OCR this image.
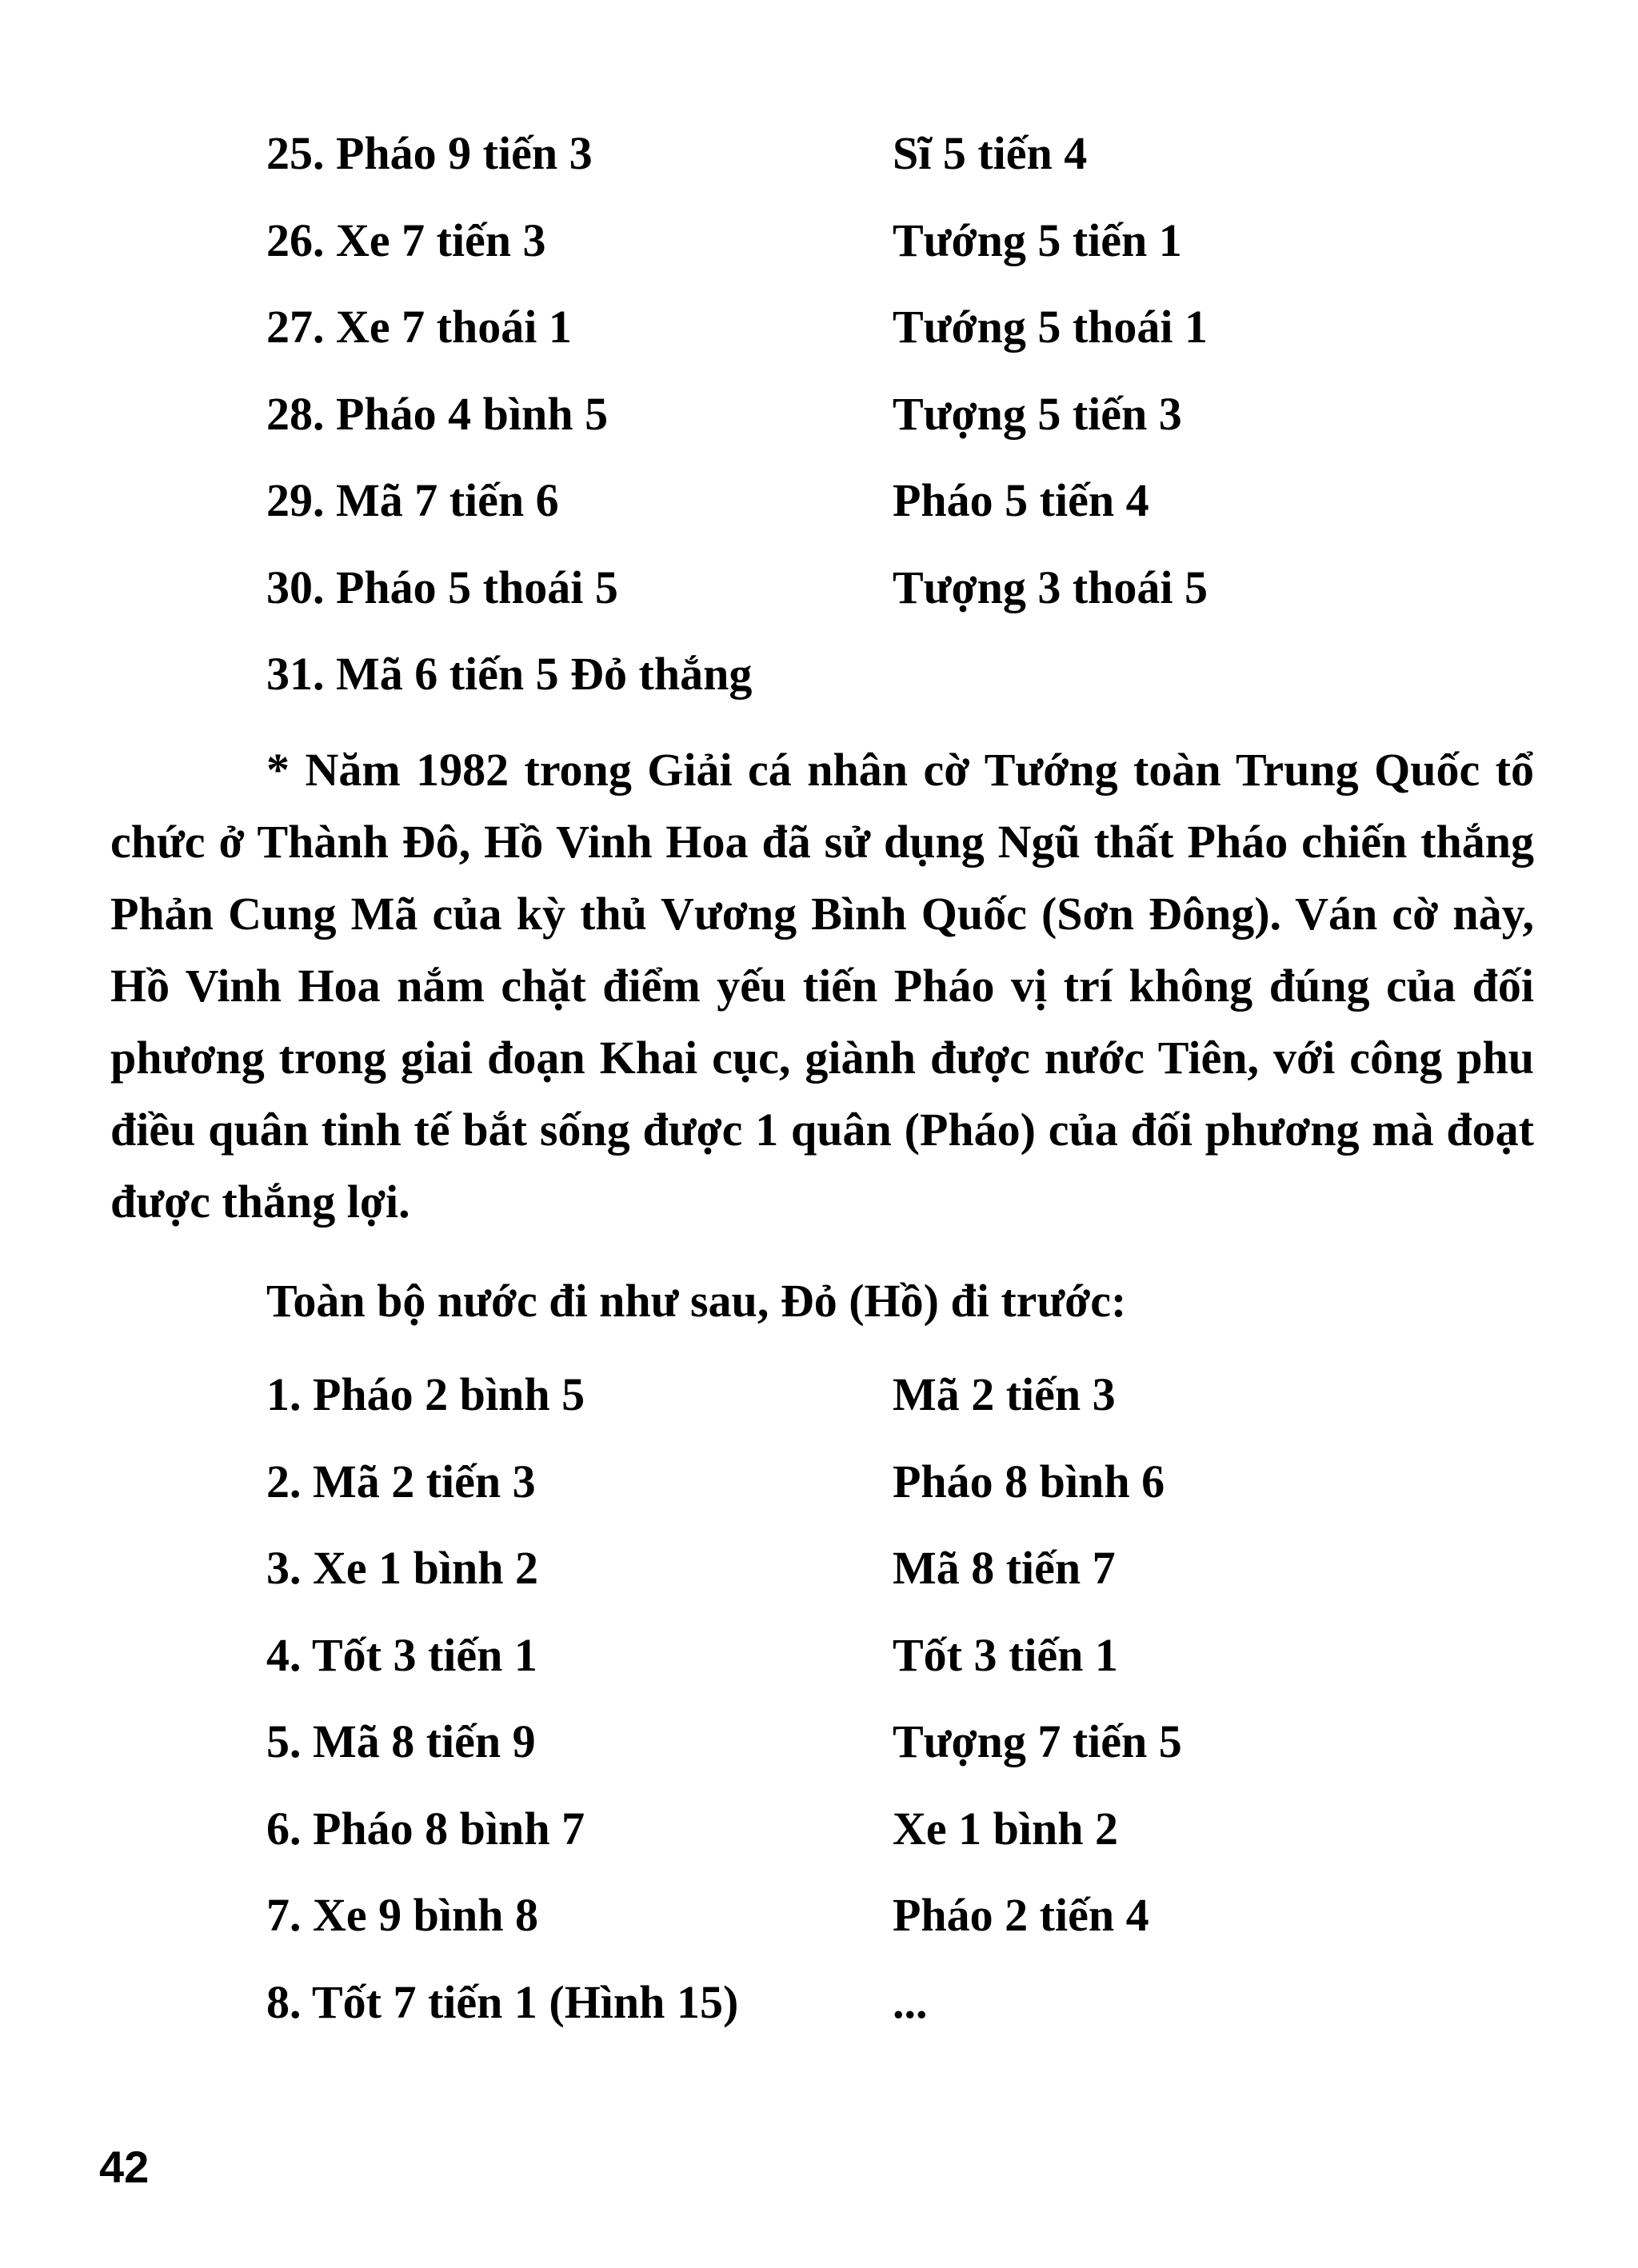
25. Pháo 9 tiến 3	Sĩ 5 tiến 4
26. Xe 7 tiến 3	Tướng 5 tiến 1
27. Xe 7 thoái 1	Tướng 5 thoái 1
28. Pháo 4 bình 5	Tượng 5 tiến 3
29. Mã 7 tiến 6	Pháo 5 tiến 4
30. Pháo 5 thoái 5	Tượng 3 thoái 5
31. Mã 6 tiến 5 Đỏ thắng

* Năm 1982 trong Giải cá nhân cờ Tướng toàn Trung Quốc tổ chức ở Thành Đô, Hồ Vinh Hoa đã sử dụng Ngũ thất Pháo chiến thắng Phản Cung Mã của kỳ thủ Vương Bình Quốc (Sơn Đông). Ván cờ này, Hồ Vinh Hoa nắm chặt điểm yếu tiến Pháo vị trí không đúng của đối phương trong giai đoạn Khai cục, giành được nước Tiên, với công phu điều quân tinh tế bắt sống được 1 quân (Pháo) của đối phương mà đoạt được thắng lợi.

Toàn bộ nước đi như sau, Đỏ (Hồ) đi trước:

1. Pháo 2 bình 5	Mã 2 tiến 3
2. Mã 2 tiến 3	Pháo 8 bình 6
3. Xe 1 bình 2	Mã 8 tiến 7
4. Tốt 3 tiến 1	Tốt 3 tiến 1
5. Mã 8 tiến 9	Tượng 7 tiến 5
6. Pháo 8 bình 7	Xe 1 bình 2
7. Xe 9 bình 8	Pháo 2 tiến 4
8. Tốt 7 tiến 1 (Hình 15)	...
42
